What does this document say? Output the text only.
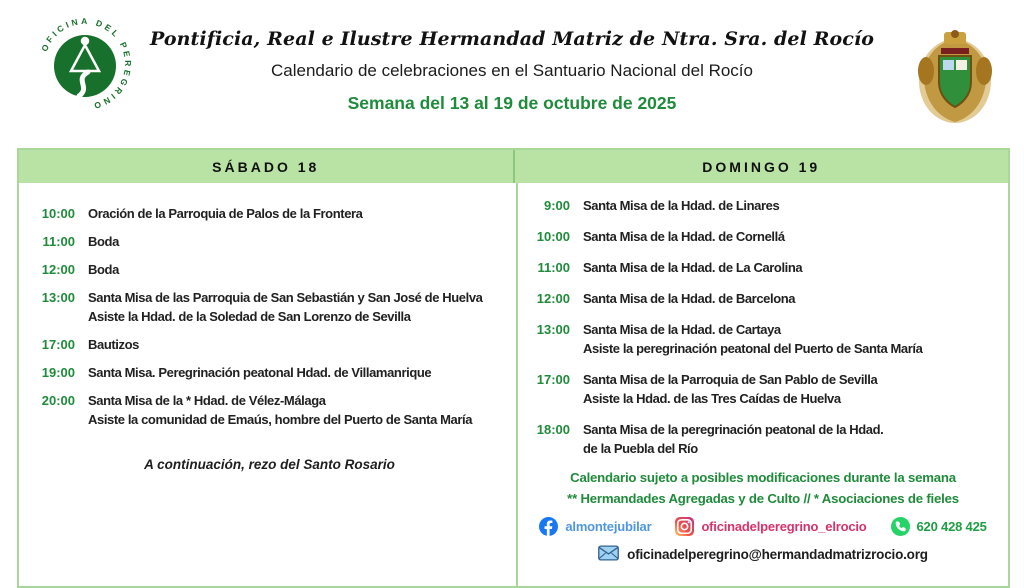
OFICINA DEL PEREGRINO
Pontificia, Real e Ilustre Hermandad Matriz de Ntra. Sra. del Rocío
Calendario de celebraciones en el Santuario Nacional del Rocío
Semana del 13 al 19 de octubre de 2025
SÁBADO 18	DOMINGO 19
10:00 Oración de la Parroquia de Palos de la Frontera
11:00 Boda
12:00 Boda
13:00 Santa Misa de las Parroquia de San Sebastián y San José de Huelva
Asiste la Hdad. de la Soledad de San Lorenzo de Sevilla
17:00 Bautizos
19:00 Santa Misa. Peregrinación peatonal Hdad. de Villamanrique
20:00 Santa Misa de la * Hdad. de Vélez-Málaga
Asiste la comunidad de Emaús, hombre del Puerto de Santa María
A continuación, rezo del Santo Rosario
9:00 Santa Misa de la Hdad. de Linares
10:00 Santa Misa de la Hdad. de Cornellá
11:00 Santa Misa de la Hdad. de La Carolina
12:00 Santa Misa de la Hdad. de Barcelona
13:00 Santa Misa de la Hdad. de Cartaya
Asiste la peregrinación peatonal del Puerto de Santa María
17:00 Santa Misa de la Parroquia de San Pablo de Sevilla
Asiste la Hdad. de las Tres Caídas de Huelva
18:00 Santa Misa de la peregrinación peatonal de la Hdad.
de la Puebla del Río
Calendario sujeto a posibles modificaciones durante la semana
** Hermandades Agregadas y de Culto // * Asociaciones de fieles
almontejubilar	oficinadelperegrino_elrocio	620 428 425
oficinadelperegrino@hermandadmatrizrocio.org
